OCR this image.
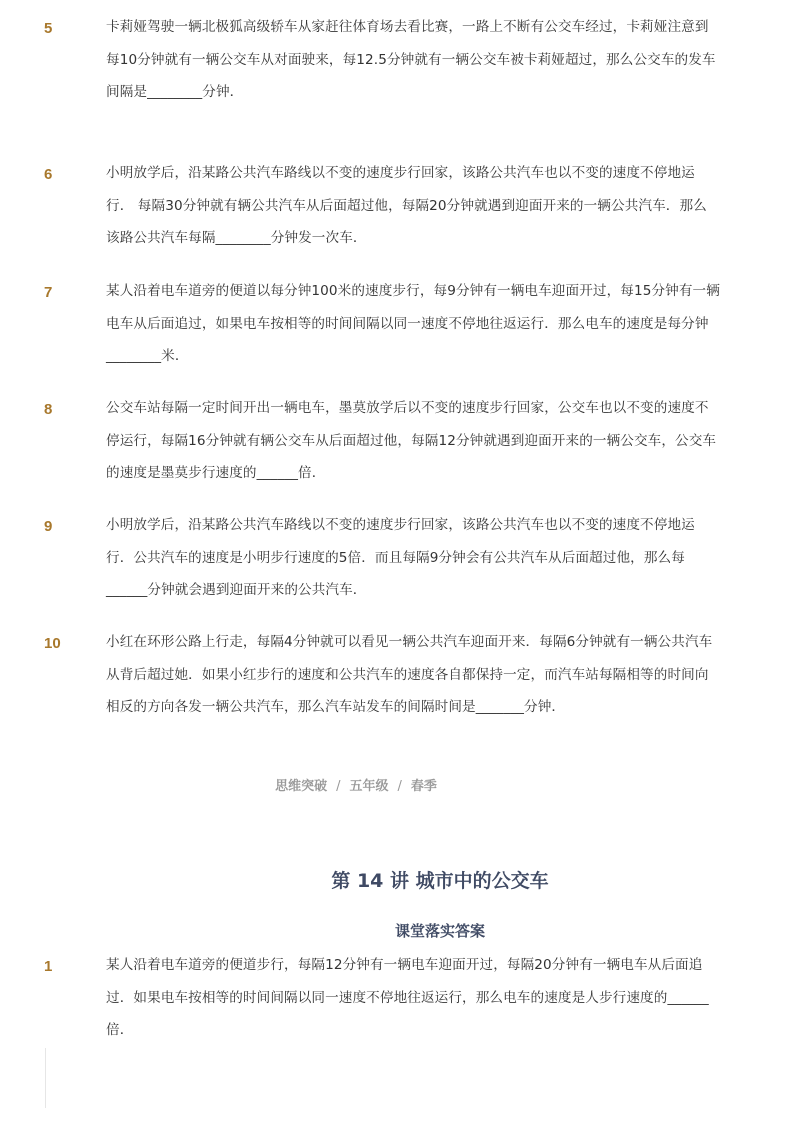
5	卡莉娅驾驶一辆北极狐高级轿车从家赶往体育场去看比赛，一路上不断有公交车经过，卡莉娅注意到每10分钟就有一辆公交车从对面驶来，每12.5分钟就有一辆公交车被卡莉娅超过，那么公交车的发车间隔是________分钟．
6	小明放学后，沿某路公共汽车路线以不变的速度步行回家，该路公共汽车也以不变的速度不停地运行． 每隔30分钟就有辆公共汽车从后面超过他，每隔20分钟就遇到迎面开来的一辆公共汽车．那么该路公共汽车每隔________分钟发一次车．
7	某人沿着电车道旁的便道以每分钟100米的速度步行，每9分钟有一辆电车迎面开过，每15分钟有一辆电车从后面追过，如果电车按相等的时间间隔以同一速度不停地往返运行．那么电车的速度是每分钟________米．
8	公交车站每隔一定时间开出一辆电车，墨莫放学后以不变的速度步行回家，公交车也以不变的速度不停运行，每隔16分钟就有辆公交车从后面超过他，每隔12分钟就遇到迎面开来的一辆公交车，公交车的速度是墨莫步行速度的______倍．
9	小明放学后，沿某路公共汽车路线以不变的速度步行回家，该路公共汽车也以不变的速度不停地运行．公共汽车的速度是小明步行速度的5倍．而且每隔9分钟会有公共汽车从后面超过他，那么每______分钟就会遇到迎面开来的公共汽车．
10	小红在环形公路上行走，每隔4分钟就可以看见一辆公共汽车迎面开来．每隔6分钟就有一辆公共汽车从背后超过她．如果小红步行的速度和公共汽车的速度各自都保持一定，而汽车站每隔相等的时间向相反的方向各发一辆公共汽车，那么汽车站发车的间隔时间是_______分钟．
思维突破 / 五年级 / 春季
第 14 讲 城市中的公交车
课堂落实答案
1	某人沿着电车道旁的便道步行，每隔12分钟有一辆电车迎面开过，每隔20分钟有一辆电车从后面追过．如果电车按相等的时间间隔以同一速度不停地往返运行，那么电车的速度是人步行速度的______倍．
